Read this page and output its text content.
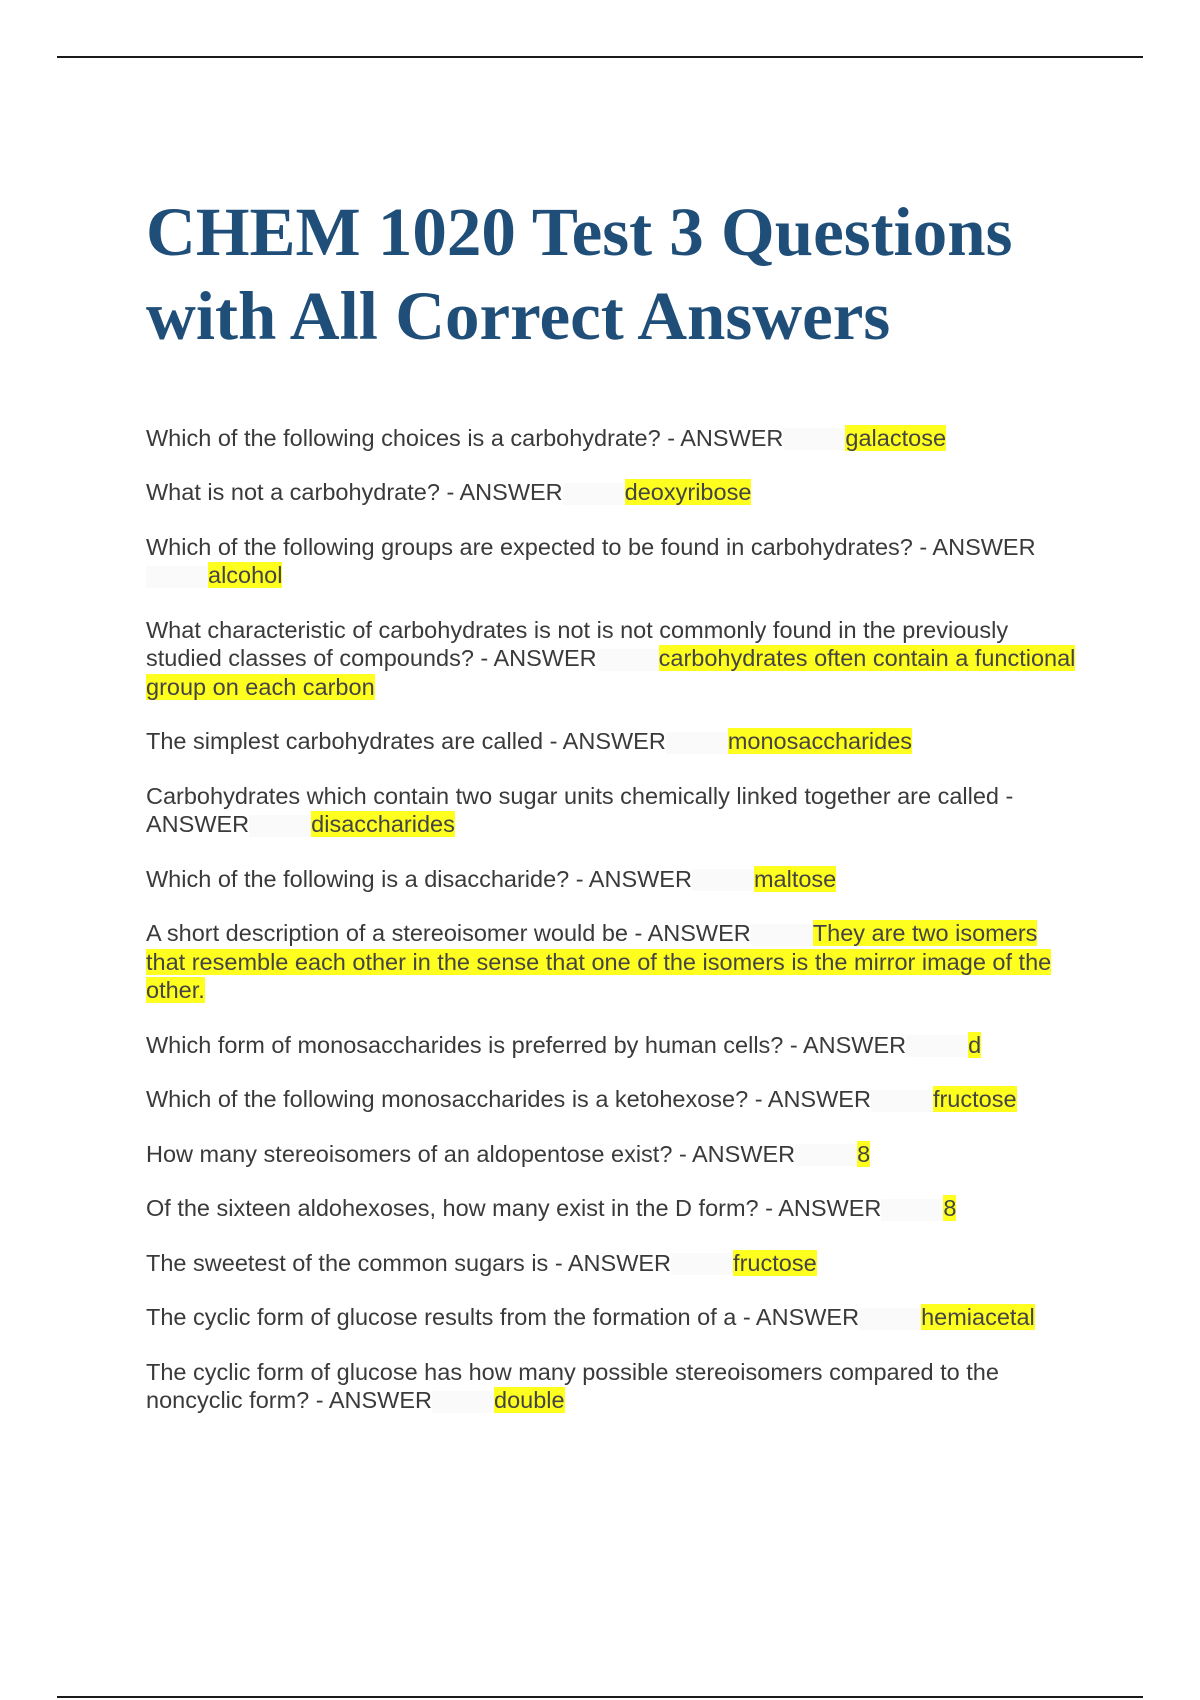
CHEM 1020 Test 3 Questions with All Correct Answers

Which of the following choices is a carbohydrate? - ANSWER	galactose

What is not a carbohydrate? - ANSWER	deoxyribose

Which of the following groups are expected to be found in carbohydrates? - ANSWERalcohol

What characteristic of carbohydrates is not is not commonly found in the previously studied classes of compounds? - ANSWER	carbohydrates often contain a functional group on each carbon

The simplest carbohydrates are called - ANSWER	monosaccharides

Carbohydrates which contain two sugar units chemically linked together are called - ANSWER	disaccharides

Which of the following is a disaccharide? - ANSWER	maltose

A short description of a stereoisomer would be - ANSWER	They are two isomers that resemble each other in the sense that one of the isomers is the mirror image of the other.

Which form of monosaccharides is preferred by human cells? - ANSWER	d

Which of the following monosaccharides is a ketohexose? - ANSWER	fructose

How many stereoisomers of an aldopentose exist? - ANSWER	8

Of the sixteen aldohexoses, how many exist in the D form? - ANSWER	8

The sweetest of the common sugars is - ANSWER	fructose

The cyclic form of glucose results from the formation of a - ANSWER	hemiacetal

The cyclic form of glucose has how many possible stereoisomers compared to the noncyclic form? - ANSWER	double
